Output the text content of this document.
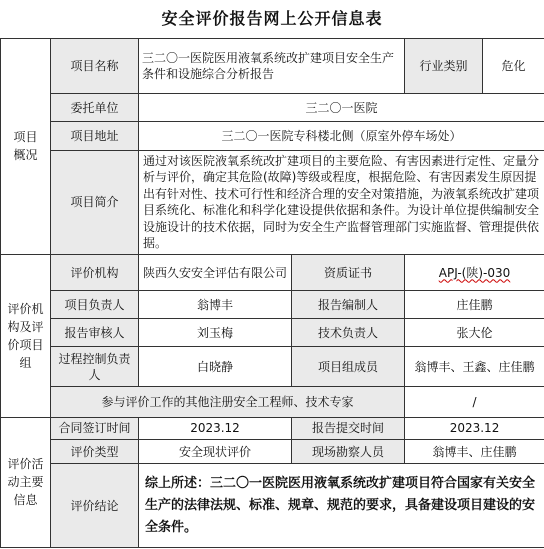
安全评价报告网上公开信息表
项目
概况	项目名称	三二〇一医院医用液氧系统改扩建项目安全生产条件和设施综合分析报告		行业类别	危化
	委托单位	三二〇一医院			
	项目地址	三二〇一医院专科楼北侧（原室外停车场处）			
	项目简介	通过对该医院液氧系统改扩建项目的主要危险、有害因素进行定性、定量分析与评价，确定其危险(故障)等级或程度，根据危险、有害因素发生原因提出有针对性、技术可行性和经济合理的安全对策措施，为液氧系统改扩建项目系统化、标准化和科学化建设提供依据和条件。为设计单位提供编制安全设施设计的技术依据，同时为安全生产监督管理部门实施监督、管理提供依据。			
评价机
构及评
价项目
组	评价机构	陕西久安安全评估有限公司	资质证书	APJ-(陕)-030	
	项目负责人	翁博丰	报告编制人	庄佳鹏	
	报告审核人	刘玉梅	技术负责人	张大伦	
	过程控制负责人	白晓静	项目组成员	翁博丰、王鑫、庄佳鹏	
	参与评价工作的其他注册安全工程师、技术专家			/	
评价活
动主要
信息	合同签订时间	2023.12	报告提交时间	2023.12	
	评价类型	安全现状评价	现场勘察人员	翁博丰、庄佳鹏	
	评价结论	综上所述：三二〇一医院医用液氧系统改扩建项目符合国家有关安全生产的法律法规、标准、规章、规范的要求，具备建设项目建设的安全条件。			
